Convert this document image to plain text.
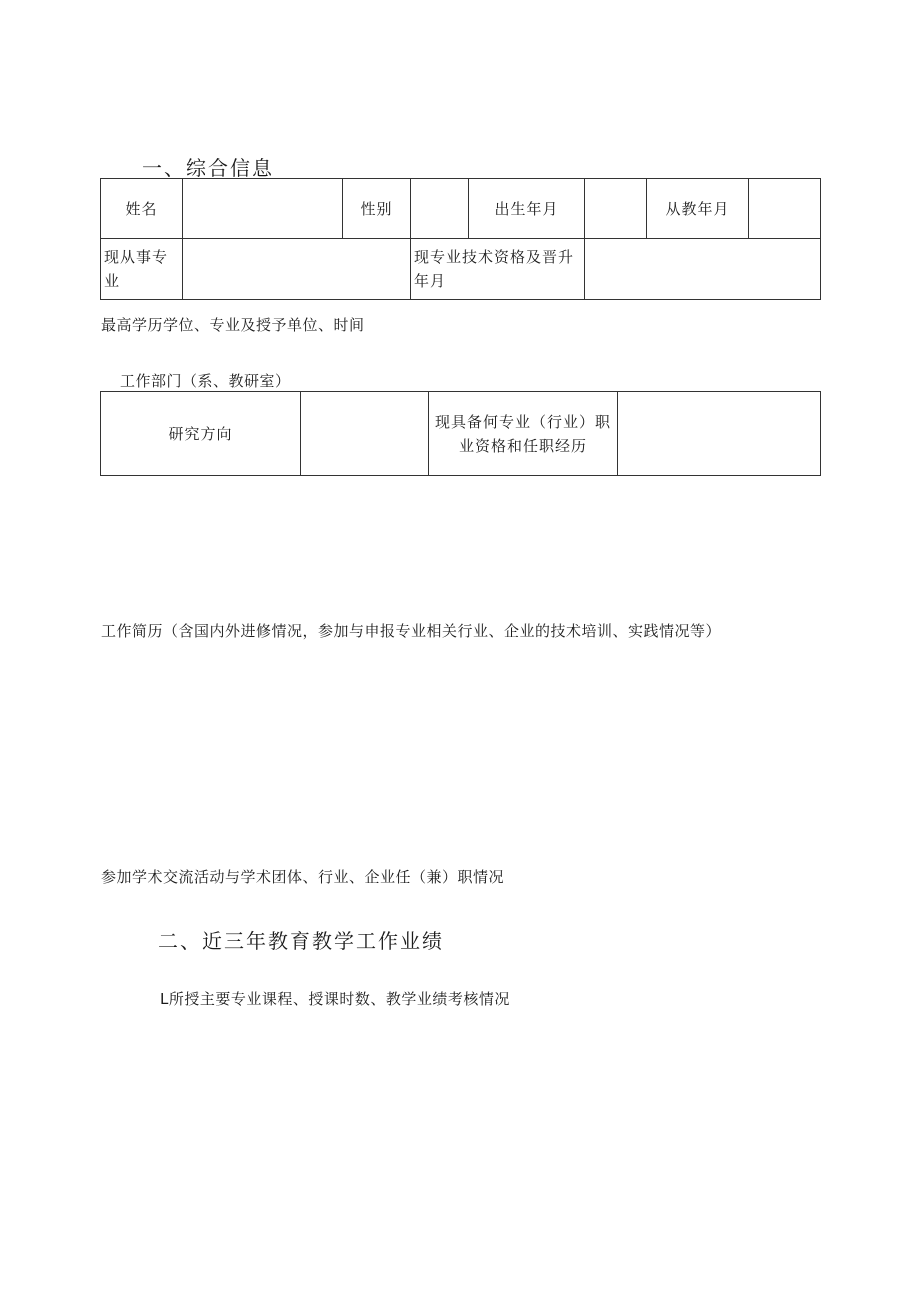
一、综合信息
姓名		性别		出生年月		从教年月	
现从事专业			现专业技术资格及晋升年月				
最高学历学位、专业及授予单位、时间
工作部门（系、教研室）
研究方向		现具备何专业（行业）职业资格和任职经历	
工作简历（含国内外进修情况，参加与申报专业相关行业、企业的技术培训、实践情况等）
参加学术交流活动与学术团体、行业、企业任（兼）职情况
二、近三年教育教学工作业绩
L所授主要专业课程、授课时数、教学业绩考核情况
